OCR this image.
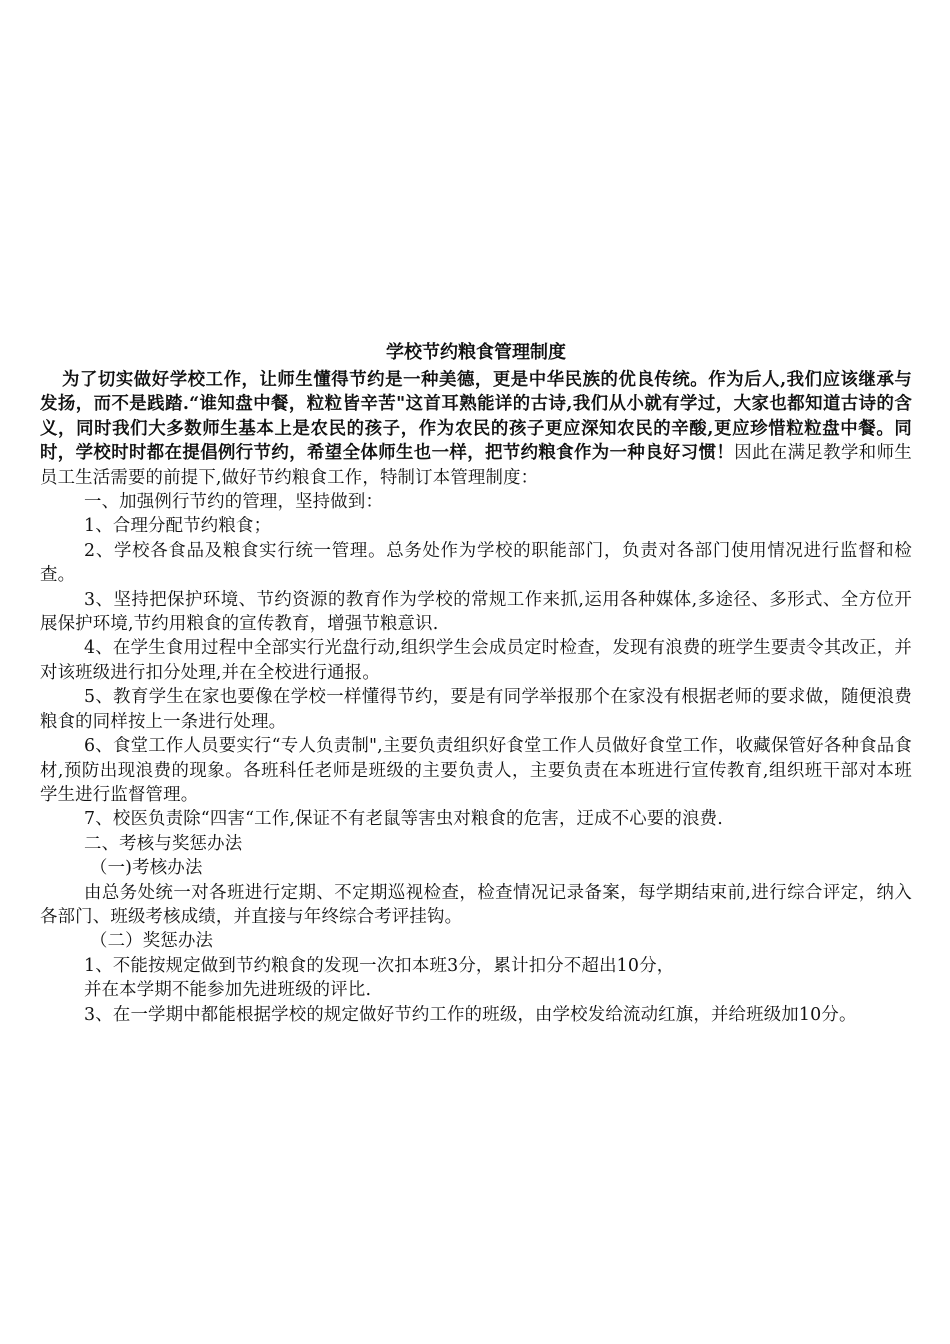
学校节约粮食管理制度

为了切实做好学校工作，让师生懂得节约是一种美德，更是中华民族的优良传统。作为后人,我们应该继承与发扬，而不是践踏.“谁知盘中餐，粒粒皆辛苦"这首耳熟能详的古诗,我们从小就有学过，大家也都知道古诗的含义，同时我们大多数师生基本上是农民的孩子，作为农民的孩子更应深知农民的辛酸,更应珍惜粒粒盘中餐。同时，学校时时都在提倡例行节约，希望全体师生也一样，把节约粮食作为一种良好习惯！因此在满足教学和师生员工生活需要的前提下,做好节约粮食工作，特制订本管理制度：

一、加强例行节约的管理，坚持做到：

1、合理分配节约粮食；

2、学校各食品及粮食实行统一管理。总务处作为学校的职能部门，负责对各部门使用情况进行监督和检查。

3、坚持把保护环境、节约资源的教育作为学校的常规工作来抓,运用各种媒体,多途径、多形式、全方位开展保护环境,节约用粮食的宣传教育，增强节粮意识.

4、在学生食用过程中全部实行光盘行动,组织学生会成员定时检查，发现有浪费的班学生要责令其改正，并对该班级进行扣分处理,并在全校进行通报。

5、教育学生在家也要像在学校一样懂得节约，要是有同学举报那个在家没有根据老师的要求做，随便浪费粮食的同样按上一条进行处理。

6、食堂工作人员要实行“专人负责制",主要负责组织好食堂工作人员做好食堂工作，收藏保管好各种食品食材,预防出现浪费的现象。各班科任老师是班级的主要负责人，主要负责在本班进行宣传教育,组织班干部对本班学生进行监督管理。

7、校医负责除“四害“工作,保证不有老鼠等害虫对粮食的危害，迂成不心要的浪费.

二、考核与奖惩办法

（一)考核办法

由总务处统一对各班进行定期、不定期巡视检查，检查情况记录备案，每学期结束前,进行综合评定，纳入各部门、班级考核成绩，并直接与年终综合考评挂钩。

（二）奖惩办法

1、不能按规定做到节约粮食的发现一次扣本班3分，累计扣分不超出10分，

并在本学期不能参加先进班级的评比.

3、在一学期中都能根据学校的规定做好节约工作的班级，由学校发给流动红旗，并给班级加10分。
